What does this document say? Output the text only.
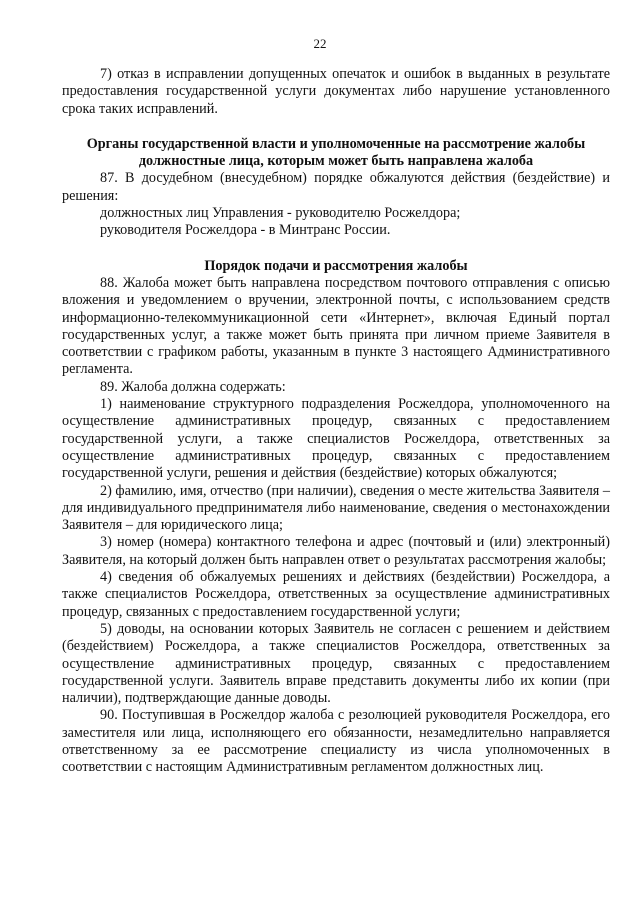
22

7) отказ в исправлении допущенных опечаток и ошибок в выданных в результате предоставления государственной услуги документах либо нарушение установленного срока таких исправлений.

Органы государственной власти и уполномоченные на рассмотрение жалобы

должностные лица, которым может быть направлена жалоба

87. В досудебном (внесудебном) порядке обжалуются действия (бездействие) и решения:

должностных лиц Управления - руководителю Росжелдора;

руководителя Росжелдора - в Минтранс России.

Порядок подачи и рассмотрения жалобы

88. Жалоба может быть направлена посредством почтового отправления с описью вложения и уведомлением о вручении, электронной почты, с использованием средств информационно-телекоммуникационной сети «Интернет», включая Единый портал государственных услуг, а также может быть принята при личном приеме Заявителя в соответствии с графиком работы, указанным в пункте 3 настоящего Административного регламента.

89. Жалоба должна содержать:

1) наименование структурного подразделения Росжелдора, уполномоченного на осуществление административных процедур, связанных с предоставлением государственной услуги, а также специалистов Росжелдора, ответственных за осуществление административных процедур, связанных с предоставлением государственной услуги, решения и действия (бездействие) которых обжалуются;

2) фамилию, имя, отчество (при наличии), сведения о месте жительства Заявителя – для индивидуального предпринимателя либо наименование, сведения о местонахождении Заявителя – для юридического лица;

3) номер (номера) контактного телефона и адрес (почтовый и (или) электронный) Заявителя, на который должен быть направлен ответ о результатах рассмотрения жалобы;

4) сведения об обжалуемых решениях и действиях (бездействии) Росжелдора, а также специалистов Росжелдора, ответственных за осуществление административных процедур, связанных с предоставлением государственной услуги;

5) доводы, на основании которых Заявитель не согласен с решением и действием (бездействием) Росжелдора, а также специалистов Росжелдора, ответственных за осуществление административных процедур, связанных с предоставлением государственной услуги. Заявитель вправе представить документы либо их копии (при наличии), подтверждающие данные доводы.

90. Поступившая в Росжелдор жалоба с резолюцией руководителя Росжелдора, его заместителя или лица, исполняющего его обязанности, незамедлительно направляется ответственному за ее рассмотрение специалисту из числа уполномоченных в соответствии с настоящим Административным регламентом должностных лиц.
